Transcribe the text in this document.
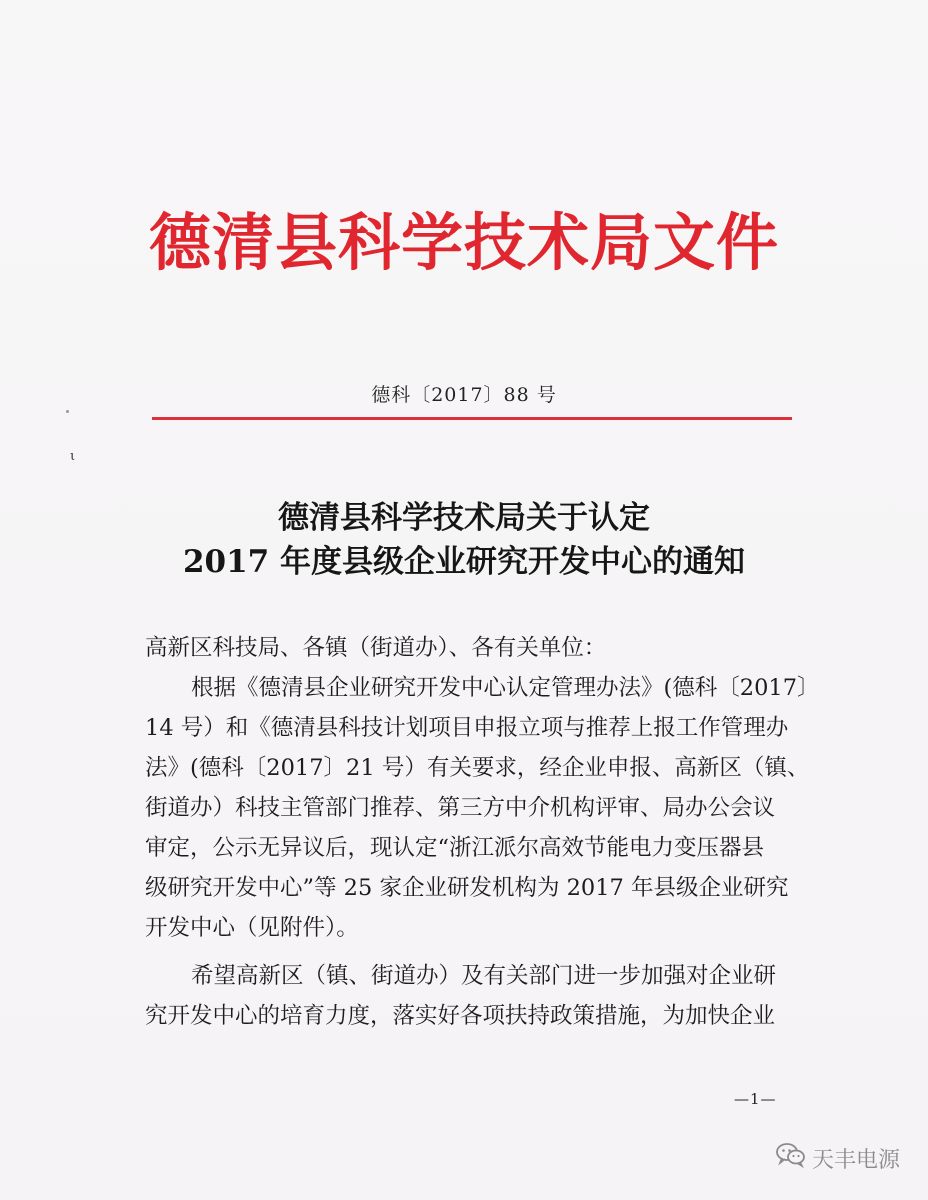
德清县科学技术局文件
德科〔2017〕88 号
ι
德清县科学技术局关于认定
2017 年度县级企业研究开发中心的通知
高新区科技局、各镇（街道办）、各有关单位：
根据《德清县企业研究开发中心认定管理办法》(德科〔2017〕
14 号）和《德清县科技计划项目申报立项与推荐上报工作管理办
法》(德科〔2017〕21 号）有关要求，经企业申报、高新区（镇、
街道办）科技主管部门推荐、第三方中介机构评审、局办公会议
审定，公示无异议后，现认定“浙江派尔高效节能电力变压器县
级研究开发中心”等 25 家企业研发机构为 2017 年县级企业研究
开发中心（见附件）。
希望高新区（镇、街道办）及有关部门进一步加强对企业研
究开发中心的培育力度，落实好各项扶持政策措施，为加快企业
—1—
天丰电源
